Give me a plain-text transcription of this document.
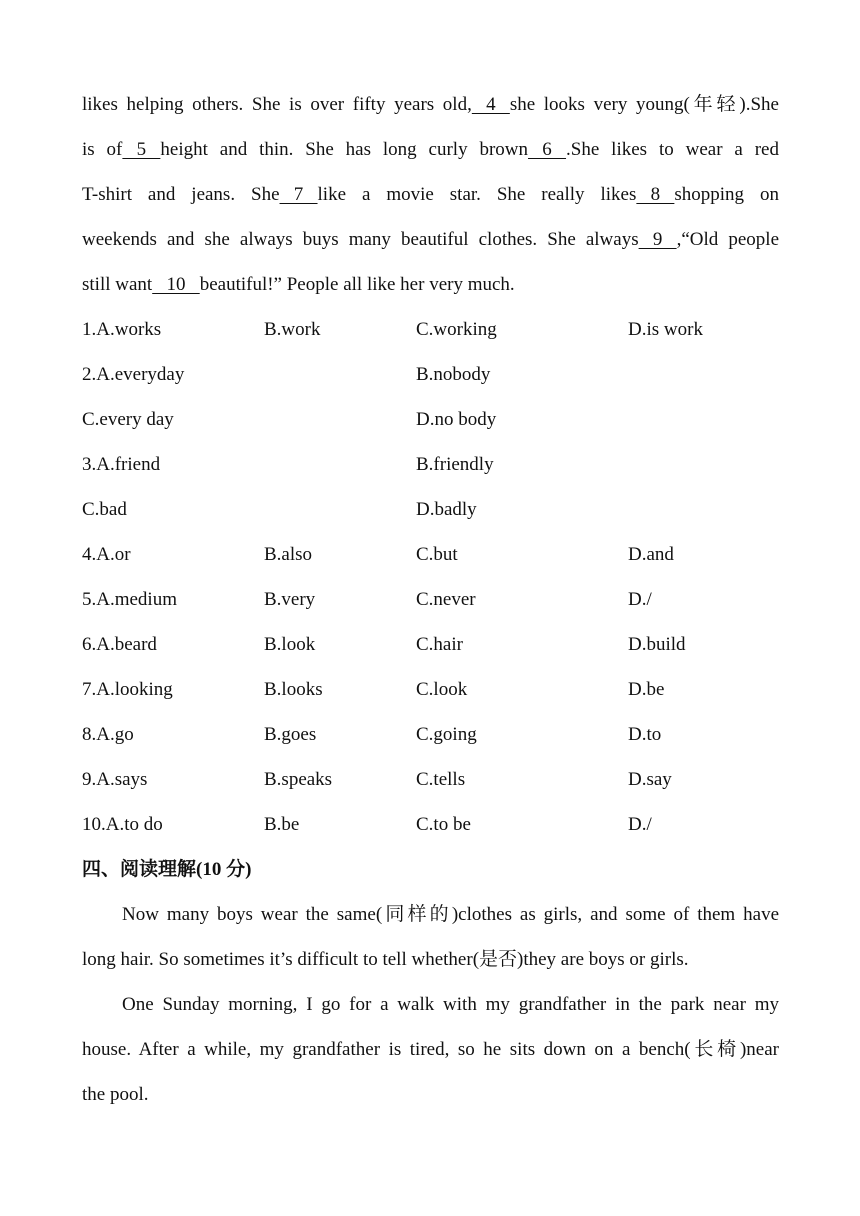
likes helping others. She is over fifty years old,   4   she looks very young(年轻).She
is of   5   height and thin. She has long curly brown   6   .She likes to wear a red
T-shirt and jeans. She   7   like a movie star. She really likes   8   shopping on
weekends and she always buys many beautiful clothes. She always   9   ,“Old people
still want   10   beautiful!” People all like her very much.
1.A.works	B.work	C.working	D.is work
2.A.everyday	B.nobody
C.every day	D.no body
3.A.friend	B.friendly
C.bad	D.badly
4.A.or	B.also	C.but	D.and
5.A.medium	B.very	C.never	D./
6.A.beard	B.look	C.hair	D.build
7.A.looking	B.looks	C.look	D.be
8.A.go	B.goes	C.going	D.to
9.A.says	B.speaks	C.tells	D.say
10.A.to do	B.be	C.to be	D./
四、阅读理解(10 分)
Now many boys wear the same(同样的)clothes as girls, and some of them have
long hair. So sometimes it’s difficult to tell whether(是否)they are boys or girls.
One Sunday morning, I go for a walk with my grandfather in the park near my
house. After a while, my grandfather is tired, so he sits down on a bench(长椅)near
the pool.
